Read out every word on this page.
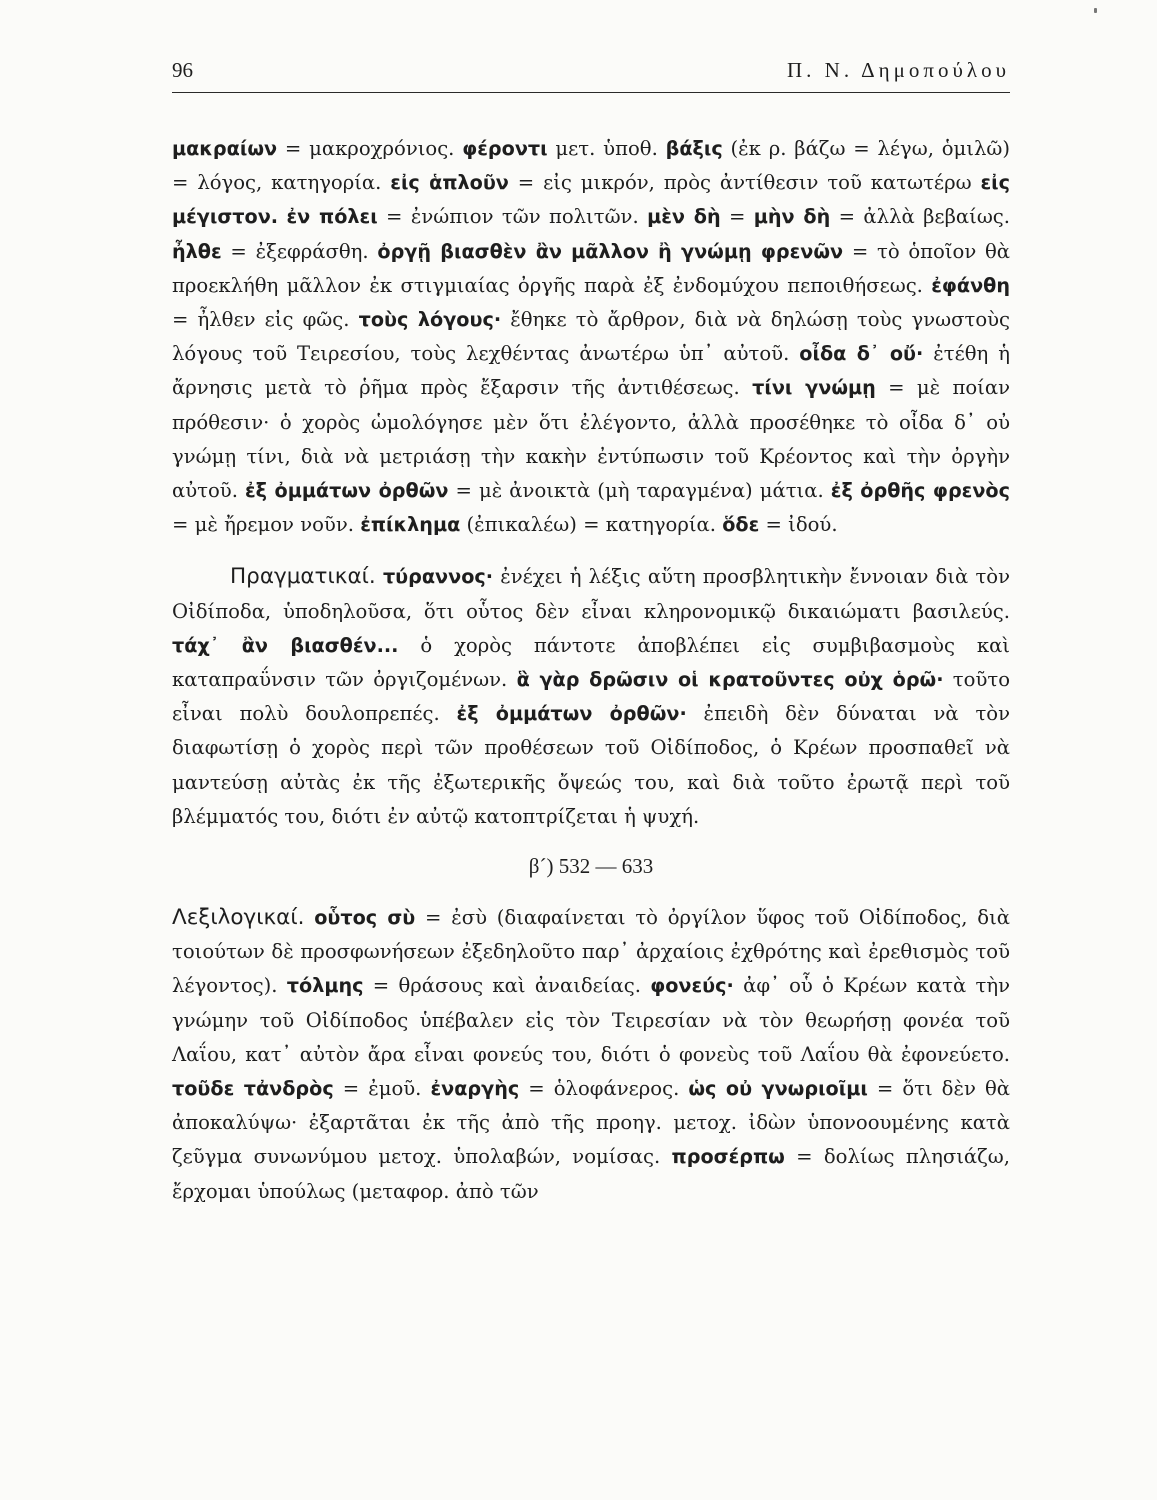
96	Π. Ν. Δημοπούλου

μακραίων = μακροχρόνιος. φέροντι μετ. ὑποθ. βάξις (ἐκ ρ. βάζω = λέγω, ὁμιλῶ) = λόγος, κατηγορία. εἰς ἁπλοῦν = εἰς μικρόν, πρὸς ἀντίθεσιν τοῦ κατωτέρω εἰς μέγιστον. ἐν πόλει = ἐνώπιον τῶν πολιτῶν. μὲν δὴ = μὴν δὴ = ἀλλὰ βεβαίως. ἦλθε = ἐξεφράσθη. ὀργῇ βιασθὲν ἂν μᾶλλον ἢ γνώμῃ φρενῶν = τὸ ὁποῖον θὰ προεκλήθη μᾶλλον ἐκ στιγμιαίας ὀργῆς παρὰ ἐξ ἐνδομύχου πεποιθήσεως. ἐφάνθη = ἦλθεν εἰς φῶς. τοὺς λόγους· ἔθηκε τὸ ἄρθρον, διὰ νὰ δηλώσῃ τοὺς γνωστοὺς λόγους τοῦ Τειρεσίου, τοὺς λεχθέντας ἀνωτέρω ὑπ᾿ αὐτοῦ. οἶδα δ᾿ οὔ· ἐτέθη ἡ ἄρνησις μετὰ τὸ ῥῆμα πρὸς ἔξαρσιν τῆς ἀντιθέσεως. τίνι γνώμῃ = μὲ ποίαν πρόθεσιν· ὁ χορὸς ὡμολόγησε μὲν ὅτι ἐλέγοντο, ἀλλὰ προσέθηκε τὸ οἶδα δ᾿ οὐ γνώμῃ τίνι, διὰ νὰ μετριάσῃ τὴν κακὴν ἐντύπωσιν τοῦ Κρέοντος καὶ τὴν ὀργὴν αὐτοῦ. ἐξ ὀμμάτων ὀρθῶν = μὲ ἀνοικτὰ (μὴ ταραγμένα) μάτια. ἐξ ὀρθῆς φρενὸς = μὲ ἤρεμον νοῦν. ἐπίκλημα (ἐπικαλέω) = κατηγορία. ὅδε = ἰδού.

Πραγματικαί. τύραννος· ἐνέχει ἡ λέξις αὕτη προσβλητικὴν ἔννοιαν διὰ τὸν Οἰδίποδα, ὑποδηλοῦσα, ὅτι οὗτος δὲν εἶναι κληρονομικῷ δικαιώματι βασιλεύς. τάχ᾿ ἂν βιασθέν... ὁ χορὸς πάντοτε ἀποβλέπει εἰς συμβιβασμοὺς καὶ καταπραΰνσιν τῶν ὀργιζομένων. ἃ γὰρ δρῶσιν οἱ κρατοῦντες οὐχ ὁρῶ· τοῦτο εἶναι πολὺ δουλοπρεπές. ἐξ ὀμμάτων ὀρθῶν· ἐπειδὴ δὲν δύναται νὰ τὸν διαφωτίσῃ ὁ χορὸς περὶ τῶν προθέσεων τοῦ Οἰδίποδος, ὁ Κρέων προσπαθεῖ νὰ μαντεύσῃ αὐτὰς ἐκ τῆς ἐξωτερικῆς ὄψεώς του, καὶ διὰ τοῦτο ἐρωτᾷ περὶ τοῦ βλέμματός του, διότι ἐν αὐτῷ κατοπτρίζεται ἡ ψυχή.

β´) 532 — 633

Λεξιλογικαί. οὗτος σὺ = ἐσὺ (διαφαίνεται τὸ ὀργίλον ὕφος τοῦ Οἰδίποδος, διὰ τοιούτων δὲ προσφωνήσεων ἐξεδηλοῦτο παρ᾿ ἀρχαίοις ἐχθρότης καὶ ἐρεθισμὸς τοῦ λέγοντος). τόλμης = θράσους καὶ ἀναιδείας. φονεύς· ἀφ᾿ οὗ ὁ Κρέων κατὰ τὴν γνώμην τοῦ Οἰδίποδος ὑπέβαλεν εἰς τὸν Τειρεσίαν νὰ τὸν θεωρήσῃ φονέα τοῦ Λαΐου, κατ᾿ αὐτὸν ἄρα εἶναι φονεύς του, διότι ὁ φονεὺς τοῦ Λαΐου θὰ ἐφονεύετο. τοῦδε τἀνδρὸς = ἐμοῦ. ἐναργὴς = ὁλοφάνερος. ὡς οὐ γνωριοῖμι = ὅτι δὲν θὰ ἀποκαλύψω· ἐξαρτᾶται ἐκ τῆς ἀπὸ τῆς προηγ. μετοχ. ἰδὼν ὑπονοουμένης κατὰ ζεῦγμα συνωνύμου μετοχ. ὑπολαβών, νομίσας. προσέρπω = δολίως πλησιάζω, ἔρχομαι ὑπούλως (μεταφορ. ἀπὸ τῶν
